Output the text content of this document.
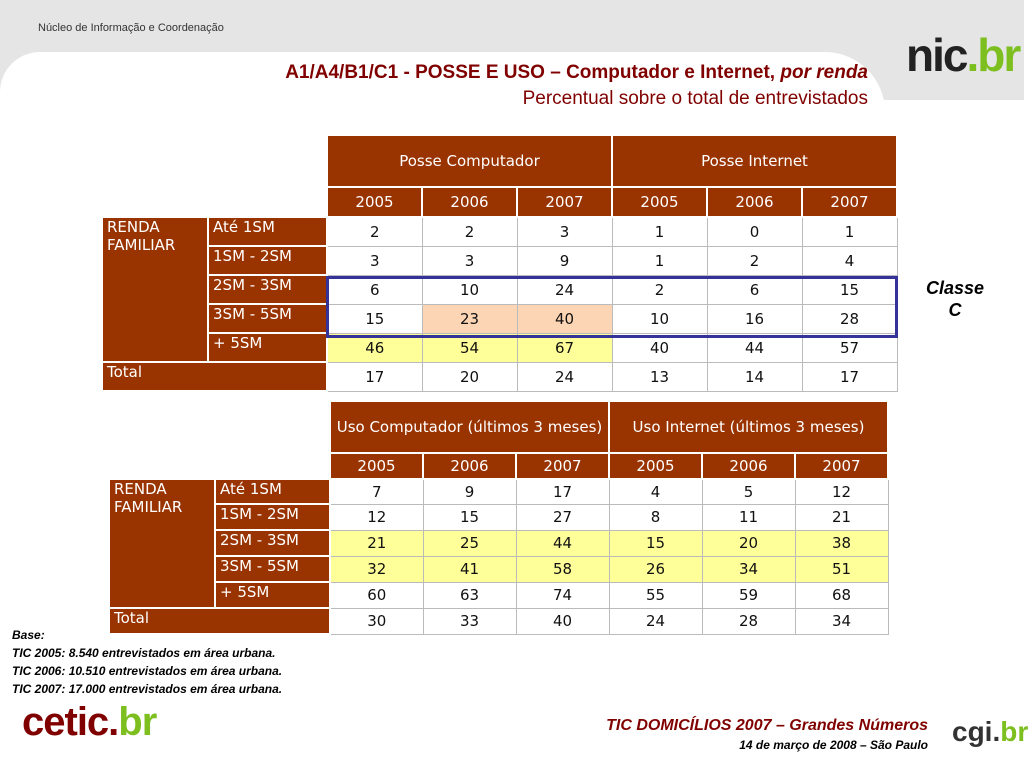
Núcleo de Informação e Coordenação
nic.br
A1/A4/B1/C1 - POSSE E USO – Computador e Internet, por renda
Percentual sobre o total de entrevistados
		Posse Computador			Posse Internet		
		2005	2006	2007	2005	2006	2007
RENDA FAMILIAR	Até 1SM	2	2	3	1	0	1
	1SM - 2SM	3	3	9	1	2	4
	2SM - 3SM	6	10	24	2	6	15
	3SM - 5SM	15	23	40	10	16	28
	+ 5SM	46	54	67	40	44	57
Total		17	20	24	13	14	17
Classe
C
		Uso Computador (últimos 3 meses)			Uso Internet (últimos 3 meses)		
		2005	2006	2007	2005	2006	2007
RENDA FAMILIAR	Até 1SM	7	9	17	4	5	12
	1SM - 2SM	12	15	27	8	11	21
	2SM - 3SM	21	25	44	15	20	38
	3SM - 5SM	32	41	58	26	34	51
	+ 5SM	60	63	74	55	59	68
Total		30	33	40	24	28	34
Base:
TIC 2005: 8.540 entrevistados em área urbana.
TIC 2006: 10.510 entrevistados em área urbana.
TIC 2007: 17.000 entrevistados em área urbana.
cetic.br	TIC DOMICÍLIOS 2007 – Grandes Números
14 de março de 2008 – São Paulo cgi.br
